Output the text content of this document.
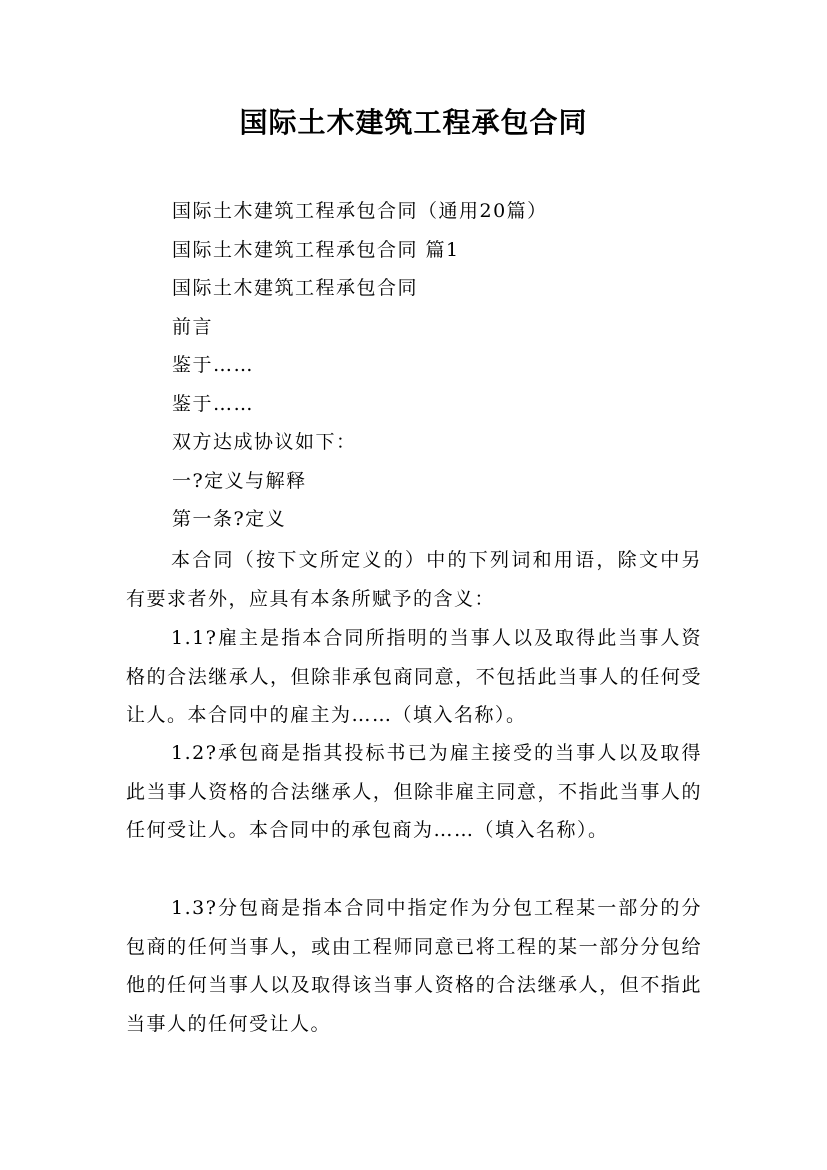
国际土木建筑工程承包合同
国际土木建筑工程承包合同（通用20篇）
国际土木建筑工程承包合同 篇1
国际土木建筑工程承包合同
前言
鉴于……
鉴于……
双方达成协议如下：
一?定义与解释
第一条?定义
本合同（按下文所定义的）中的下列词和用语，除文中另有要求者外，应具有本条所赋予的含义：
1.1?雇主是指本合同所指明的当事人以及取得此当事人资格的合法继承人，但除非承包商同意，不包括此当事人的任何受让人。本合同中的雇主为……（填入名称）。
1.2?承包商是指其投标书已为雇主接受的当事人以及取得此当事人资格的合法继承人，但除非雇主同意，不指此当事人的任何受让人。本合同中的承包商为……（填入名称）。
1.3?分包商是指本合同中指定作为分包工程某一部分的分包商的任何当事人，或由工程师同意已将工程的某一部分分包给他的任何当事人以及取得该当事人资格的合法继承人，但不指此当事人的任何受让人。
